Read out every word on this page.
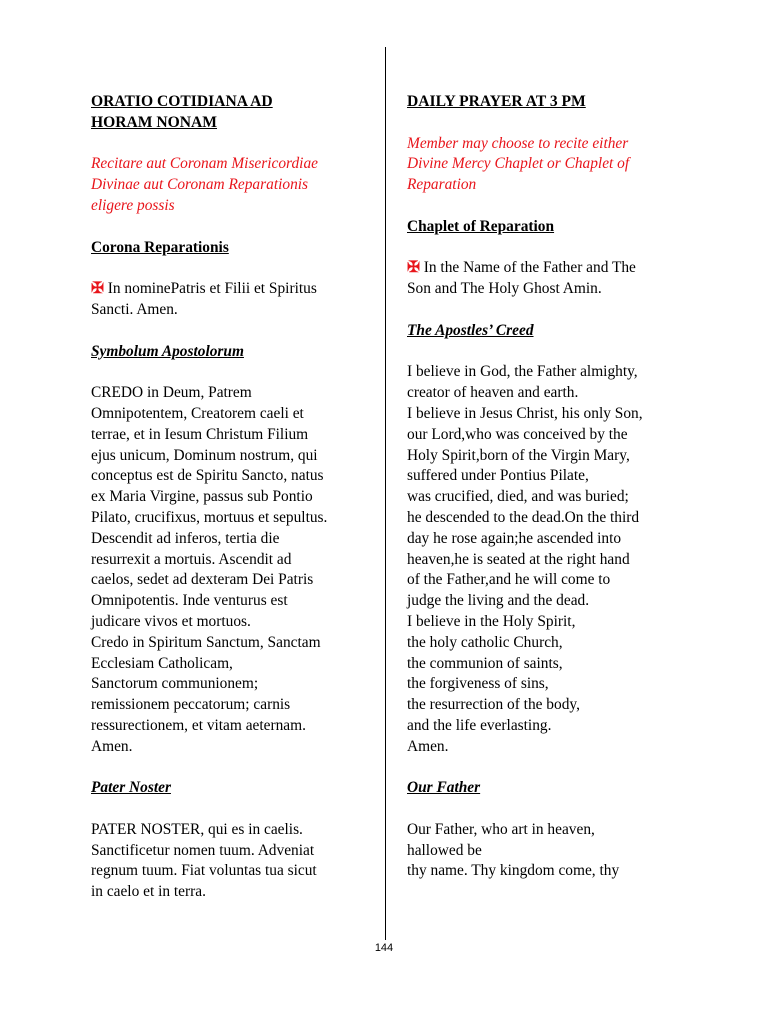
ORATIO COTIDIANA AD
HORAM NONAM
Recitare aut Coronam Misericordiae
Divinae aut Coronam Reparationis
eligere possis

Corona Reparationis

✠ In nominePatris et Filii et Spiritus
Sancti. Amen.

Symbolum Apostolorum

CREDO in Deum, Patrem
Omnipotentem, Creatorem caeli et
terrae, et in Iesum Christum Filium
ejus unicum, Dominum nostrum, qui
conceptus est de Spiritu Sancto, natus
ex Maria Virgine, passus sub Pontio
Pilato, crucifixus, mortuus et sepultus.
Descendit ad inferos, tertia die
resurrexit a mortuis. Ascendit ad
caelos, sedet ad dexteram Dei Patris
Omnipotentis. Inde venturus est
judicare vivos et mortuos.
Credo in Spiritum Sanctum, Sanctam
Ecclesiam Catholicam,
Sanctorum communionem;
remissionem peccatorum; carnis
ressurectionem, et vitam aeternam.
Amen.

Pater Noster

PATER NOSTER, qui es in caelis.
Sanctificetur nomen tuum. Adveniat
regnum tuum. Fiat voluntas tua sicut
in caelo et in terra.

DAILY PRAYER AT 3 PM

Member may choose to recite either
Divine Mercy Chaplet or Chaplet of
Reparation

Chaplet of Reparation

✠ In the Name of the Father and The
Son and The Holy Ghost Amin.

The Apostles’ Creed

I believe in God, the Father almighty,
creator of heaven and earth.
I believe in Jesus Christ, his only Son,
our Lord,who was conceived by the
Holy Spirit,born of the Virgin Mary,
suffered under Pontius Pilate,
was crucified, died, and was buried;
he descended to the dead.On the third
day he rose again;he ascended into
heaven,he is seated at the right hand
of the Father,and he will come to
judge the living and the dead.
I believe in the Holy Spirit,
the holy catholic Church,
the communion of saints,
the forgiveness of sins,
the resurrection of the body,
and the life everlasting.
Amen.

Our Father

Our Father, who art in heaven,
hallowed be
thy name. Thy kingdom come, thy
144
